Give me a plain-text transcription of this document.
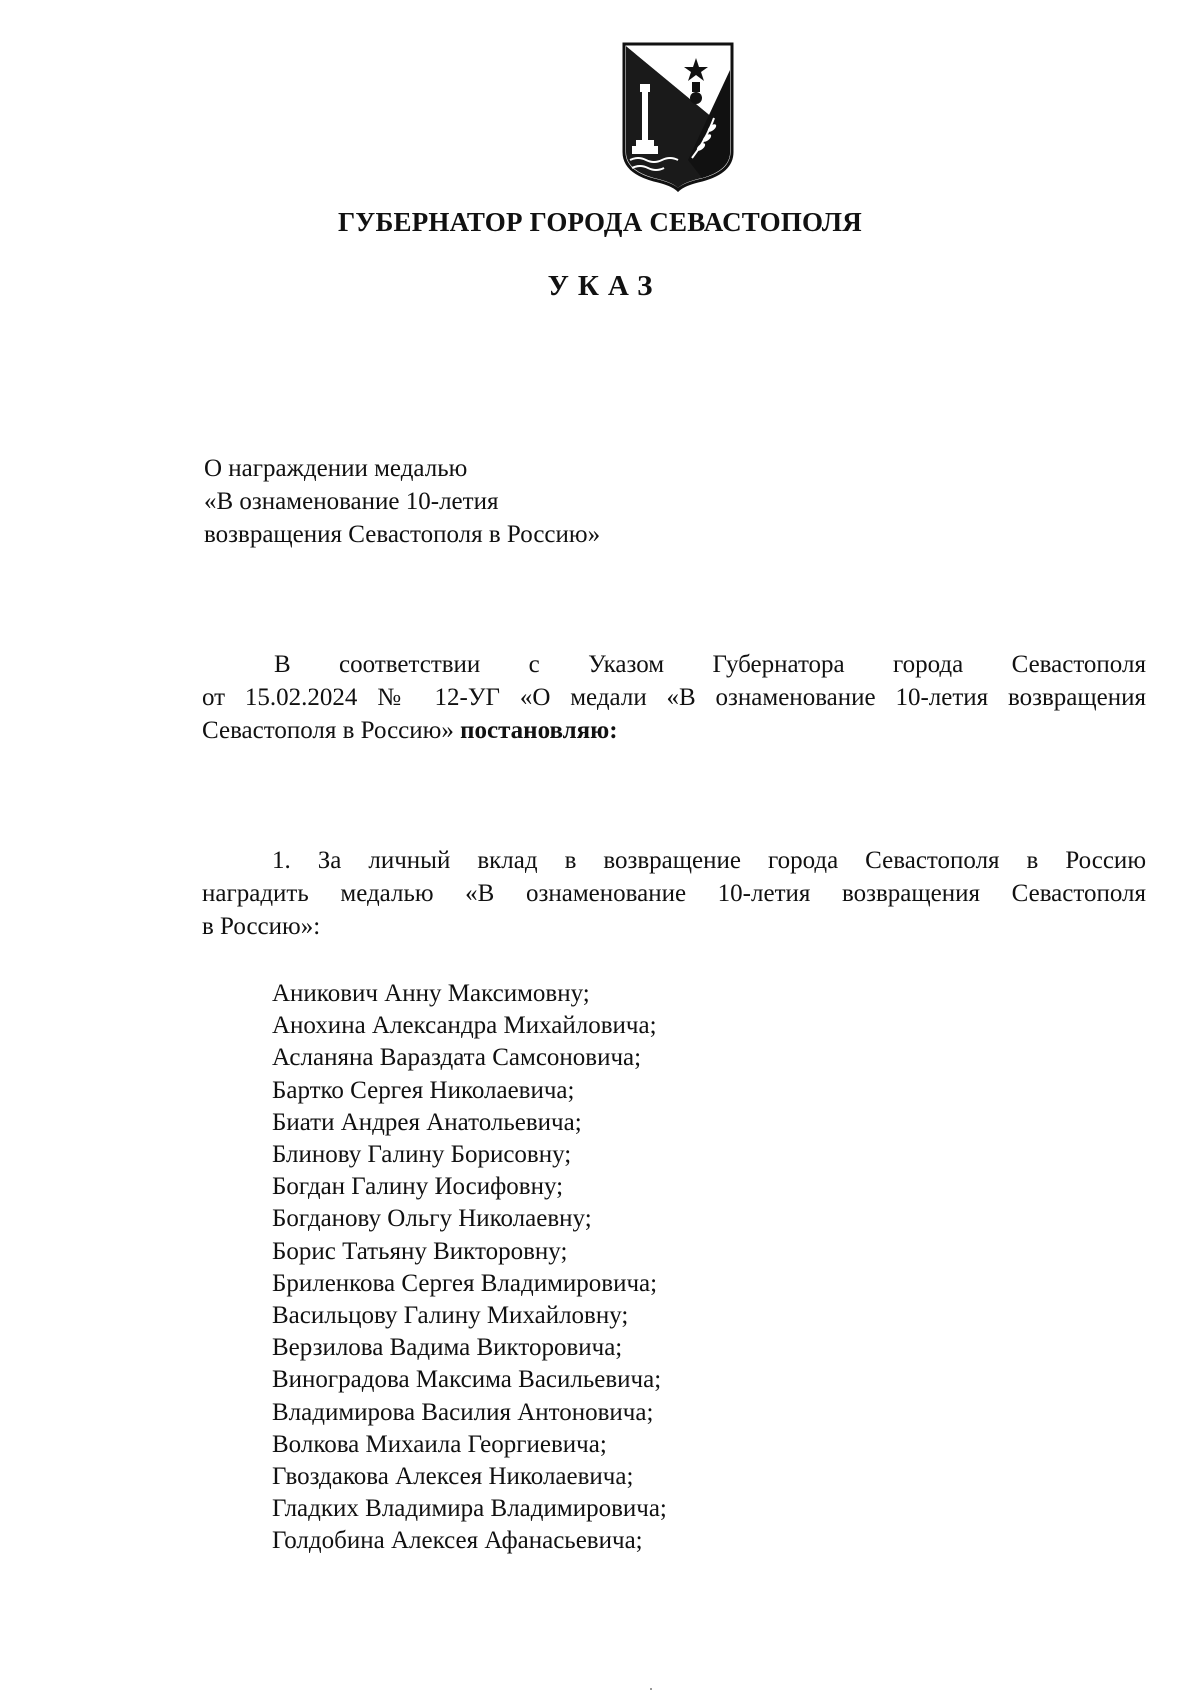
ГУБЕРНАТОР ГОРОДА СЕВАСТОПОЛЯ
УКАЗ
О награждении медалью
«В ознаменование 10-летия
возвращения Севастополя в Россию»
В соответствии с Указом Губернатора города Севастополя
от 15.02.2024 № 12-УГ «О медали «В ознаменование 10-летия возвращения
Севастополя в Россию» постановляю:
1. За личный вклад в возвращение города Севастополя в Россию
наградить медалью «В ознаменование 10-летия возвращения Севастополя
в Россию»:
Аникович Анну Максимовну;
Анохина Александра Михайловича;
Асланяна Вараздата Самсоновича;
Бартко Сергея Николаевича;
Биати Андрея Анатольевича;
Блинову Галину Борисовну;
Богдан Галину Иосифовну;
Богданову Ольгу Николаевну;
Борис Татьяну Викторовну;
Бриленкова Сергея Владимировича;
Васильцову Галину Михайловну;
Верзилова Вадима Викторовича;
Виноградова Максима Васильевича;
Владимирова Василия Антоновича;
Волкова Михаила Георгиевича;
Гвоздакова Алексея Николаевича;
Гладких Владимира Владимировича;
Голдобина Алексея Афанасьевича;
